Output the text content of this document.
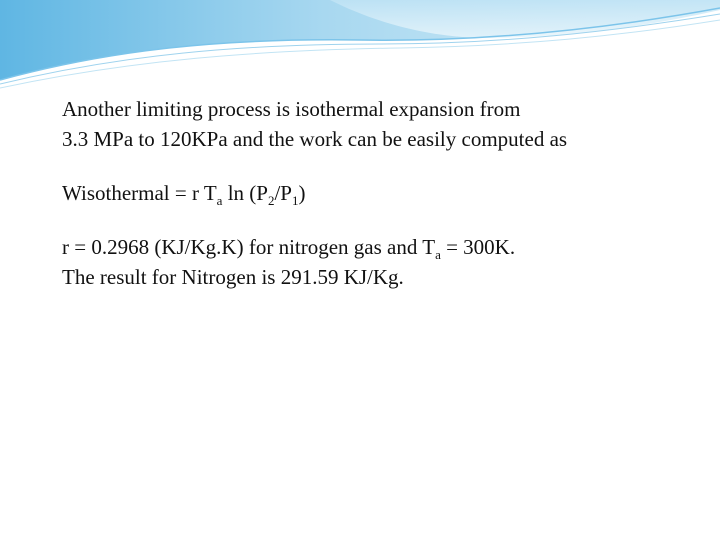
Another limiting process is isothermal expansion from
3.3 MPa to 120KPa and the work can be easily computed as

Wisothermal = r $T_a$ $\ln (P_2/P_1)$

r = 0.2968 (KJ/Kg.K) for nitrogen gas and $T_a = 300K$.
The result for Nitrogen is 291.59 KJ/Kg.
